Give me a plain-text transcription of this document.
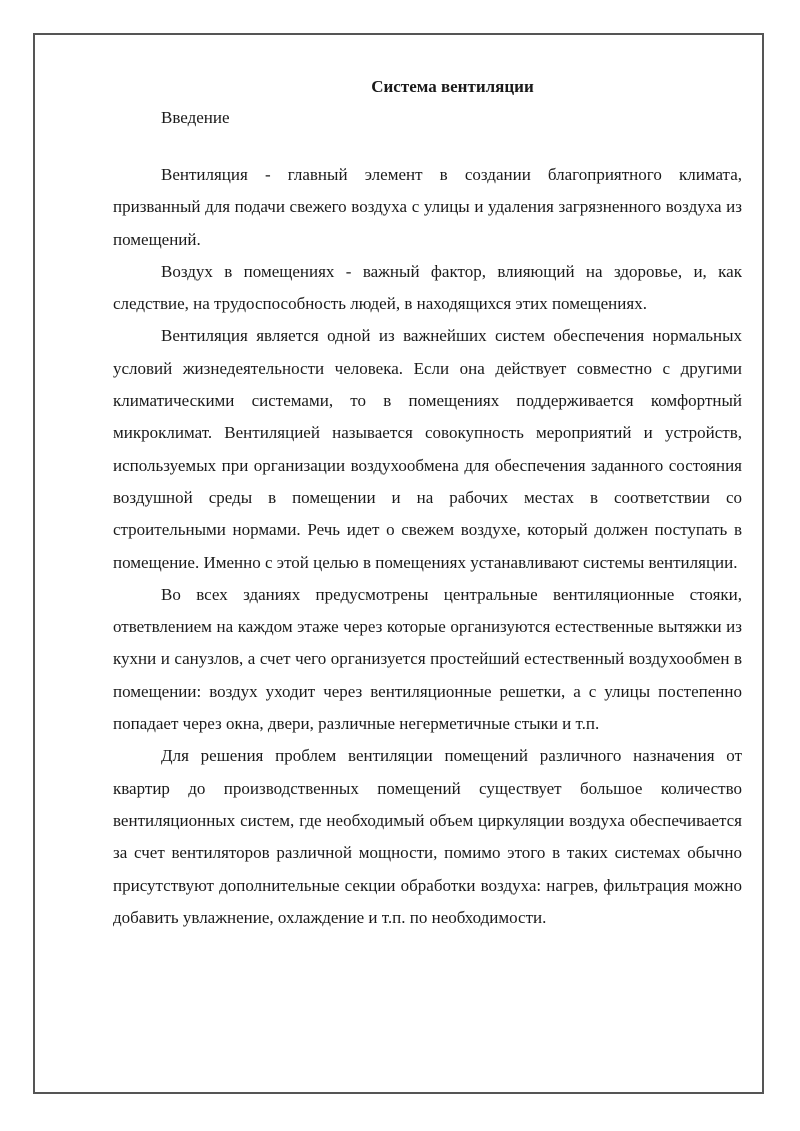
Система вентиляции

Введение

Вентиляция - главный элемент в создании благоприятного климата, призванный для подачи свежего воздуха с улицы и удаления загрязненного воздуха из помещений.

Воздух в помещениях - важный фактор, влияющий на здоровье, и, как следствие, на трудоспособность людей, в находящихся этих помещениях.

Вентиляция является одной из важнейших систем обеспечения нормальных условий жизнедеятельности человека. Если она действует совместно с другими климатическими системами, то в помещениях поддерживается комфортный микроклимат. Вентиляцией называется совокупность мероприятий и устройств, используемых при организации воздухообмена для обеспечения заданного состояния воздушной среды в помещении и на рабочих местах в соответствии со строительными нормами. Речь идет о свежем воздухе, который должен поступать в помещение. Именно с этой целью в помещениях устанавливают системы вентиляции.

Во всех зданиях предусмотрены центральные вентиляционные стояки, ответвлением на каждом этаже через которые организуются естественные вытяжки из кухни и санузлов, а счет чего организуется простейший естественный воздухообмен в помещении: воздух уходит через вентиляционные решетки, а с улицы постепенно попадает через окна, двери, различные негерметичные стыки и т.п.

Для решения проблем вентиляции помещений различного назначения от квартир до производственных помещений существует большое количество вентиляционных систем, где необходимый объем циркуляции воздуха обеспечивается за счет вентиляторов различной мощности, помимо этого в таких системах обычно присутствуют дополнительные секции обработки воздуха: нагрев, фильтрация можно добавить увлажнение, охлаждение и т.п. по необходимости.
